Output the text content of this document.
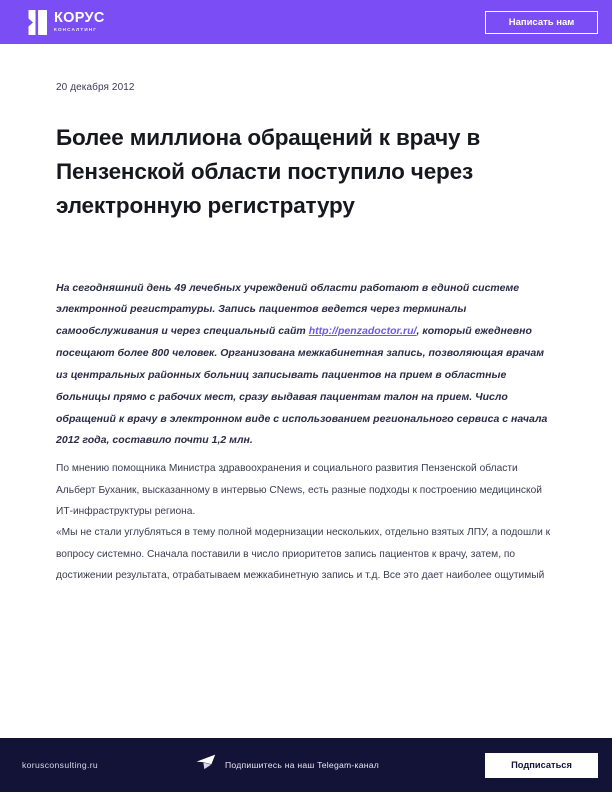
КОРУС
КОНСАЛТИНГ
Написать нам
20 декабря 2012
Более миллиона обращений к врачу в Пензенской области поступило через электронную регистратуру

На сегодняшний день 49 лечебных учреждений области работают в единой системе электронной регистратуры. Запись пациентов ведется через терминалы самообслуживания и через специальный сайт http://penzadoctor.ru/, который ежедневно посещают более 800 человек. Организована межкабинетная запись, позволяющая врачам из центральных районных больниц записывать пациентов на прием в областные больницы прямо с рабочих мест, сразу выдавая пациентам талон на прием. Число обращений к врачу в электронном виде с использованием регионального сервиса с начала 2012 года, составило почти 1,2 млн.

По мнению помощника Министра здравоохранения и социального развития Пензенской области Альберт Буханик, высказанному в интервью CNews, есть разные подходы к построению медицинской ИТ-инфраструктуры региона.

«Мы не стали углубляться в тему полной модернизации нескольких, отдельно взятых ЛПУ, а подошли к вопросу системно. Сначала поставили в число приоритетов запись пациентов к врачу, затем, по достижении результата, отрабатываем межкабинетную запись и т.д. Все это дает наиболее ощутимый

korusconsulting.ru	Подпишитесь на наш Telegam-канал	Подписаться
